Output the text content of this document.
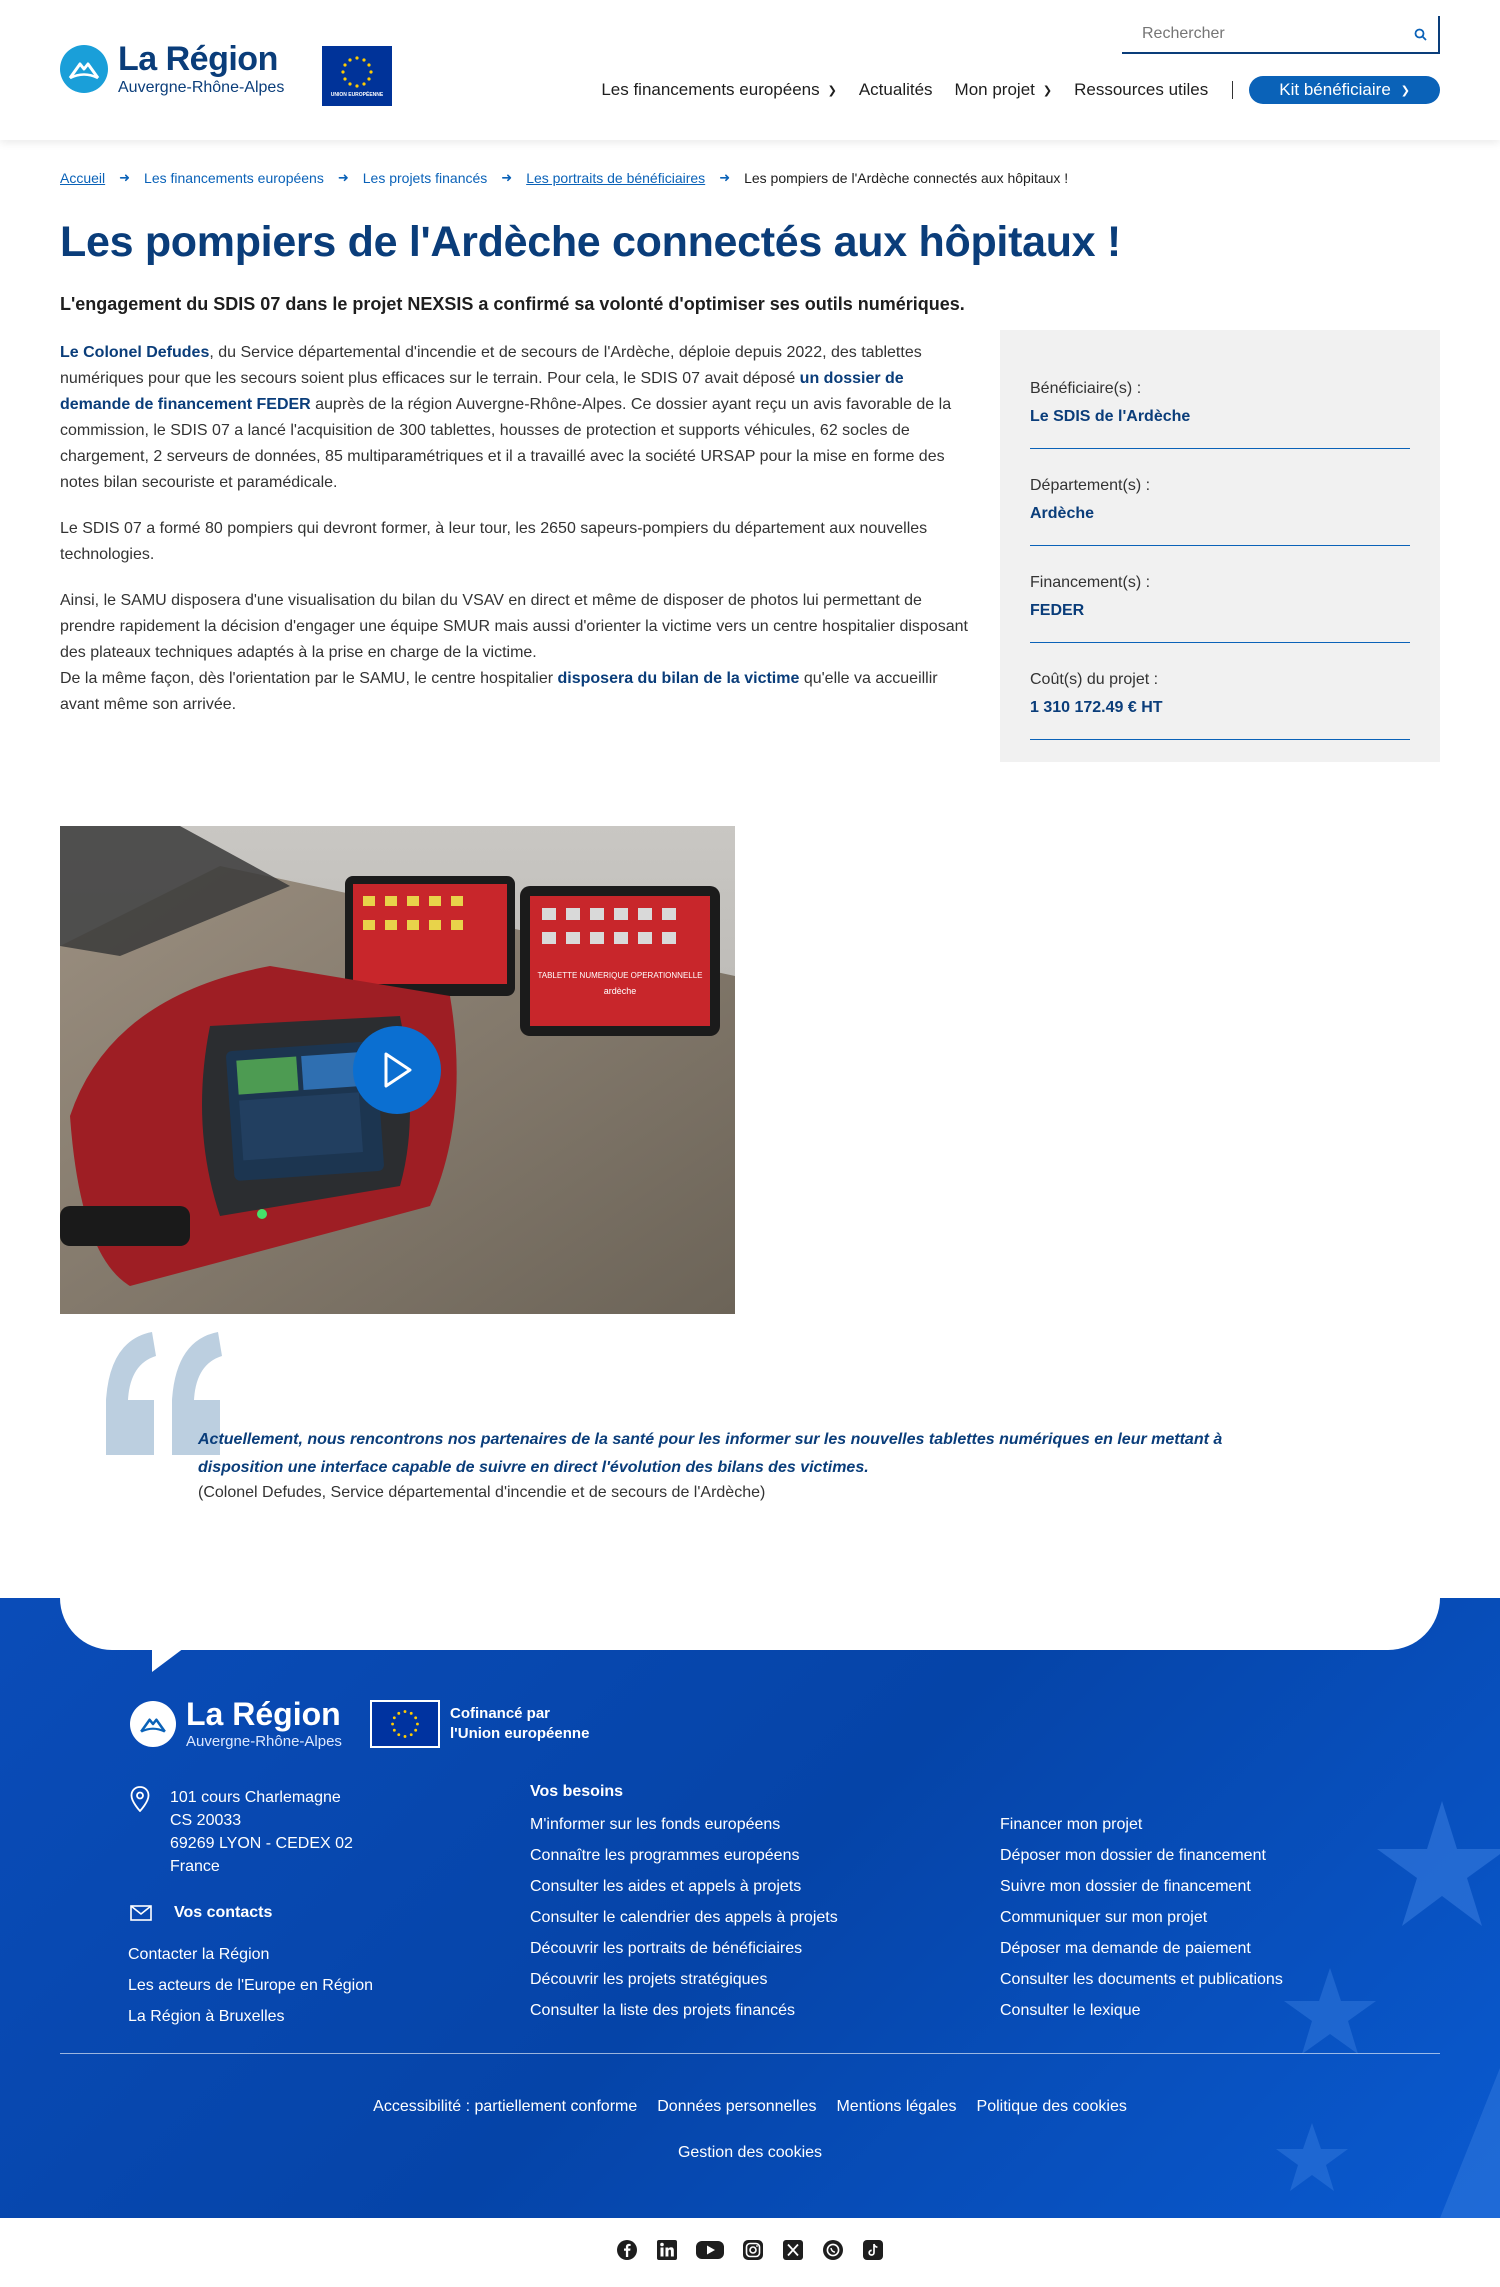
La Région
Auvergne-Rhône-Alpes	UNION EUROPÉENNE
Rechercher	Les financements européens ❯ Actualités Mon projet ❯ Ressources utiles	Kit bénéficiaire ❯
Accueil ➜ Les financements européens ➜ Les projets financés ➜ Les portraits de bénéficiaires ➜ Les pompiers de l'Ardèche connectés aux hôpitaux !
Les pompiers de l'Ardèche connectés aux hôpitaux !
L'engagement du SDIS 07 dans le projet NEXSIS a confirmé sa volonté d'optimiser ses outils numériques.

Le Colonel Defudes, du Service départemental d'incendie et de secours de l'Ardèche, déploie depuis 2022, des tablettes numériques pour que les secours soient plus efficaces sur le terrain. Pour cela, le SDIS 07 avait déposé un dossier de demande de financement FEDER auprès de la région Auvergne-Rhône-Alpes. Ce dossier ayant reçu un avis favorable de la commission, le SDIS 07 a lancé l'acquisition de 300 tablettes, housses de protection et supports véhicules, 62 socles de chargement, 2 serveurs de données, 85 multiparamétriques et il a travaillé avec la société URSAP pour la mise en forme des notes bilan secouriste et paramédicale.

Le SDIS 07 a formé 80 pompiers qui devront former, à leur tour, les 2650 sapeurs-pompiers du département aux nouvelles technologies.

Ainsi, le SAMU disposera d'une visualisation du bilan du VSAV en direct et même de disposer de photos lui permettant de prendre rapidement la décision d'engager une équipe SMUR mais aussi d'orienter la victime vers un centre hospitalier disposant des plateaux techniques adaptés à la prise en charge de la victime.

De la même façon, dès l'orientation par le SAMU, le centre hospitalier disposera du bilan de la victime qu'elle va accueillir avant même son arrivée.

Bénéficiaire(s) :
Le SDIS de l'Ardèche
Département(s) :
Ardèche
Financement(s) :
FEDER
Coût(s) du projet :
1 310 172.49 € HT
TABLETTE NUMERIQUE OPERATIONNELLE
ardèche
Actuellement, nous rencontrons nos partenaires de la santé pour les informer sur les nouvelles tablettes numériques en leur mettant à disposition une interface capable de suivre en direct l'évolution des bilans des victimes.
(Colonel Defudes, Service départemental d'incendie et de secours de l'Ardèche)
La Région
Auvergne-Rhône-Alpes
Cofinancé par
l'Union européenne
101 cours Charlemagne
CS 20033
69269 LYON - CEDEX 02
France
Vos contacts
Contacter la Région
Les acteurs de l'Europe en Région
La Région à Bruxelles
Vos besoins
M'informer sur les fonds européens
Connaître les programmes européens
Consulter les aides et appels à projets
Consulter le calendrier des appels à projets
Découvrir les portraits de bénéficiaires
Découvrir les projets stratégiques
Consulter la liste des projets financés
Financer mon projet
Déposer mon dossier de financement
Suivre mon dossier de financement
Communiquer sur mon projet
Déposer ma demande de paiement
Consulter les documents et publications
Consulter le lexique
Accessibilité : partiellement conforme Données personnelles Mentions légales Politique des cookies
Gestion des cookies
